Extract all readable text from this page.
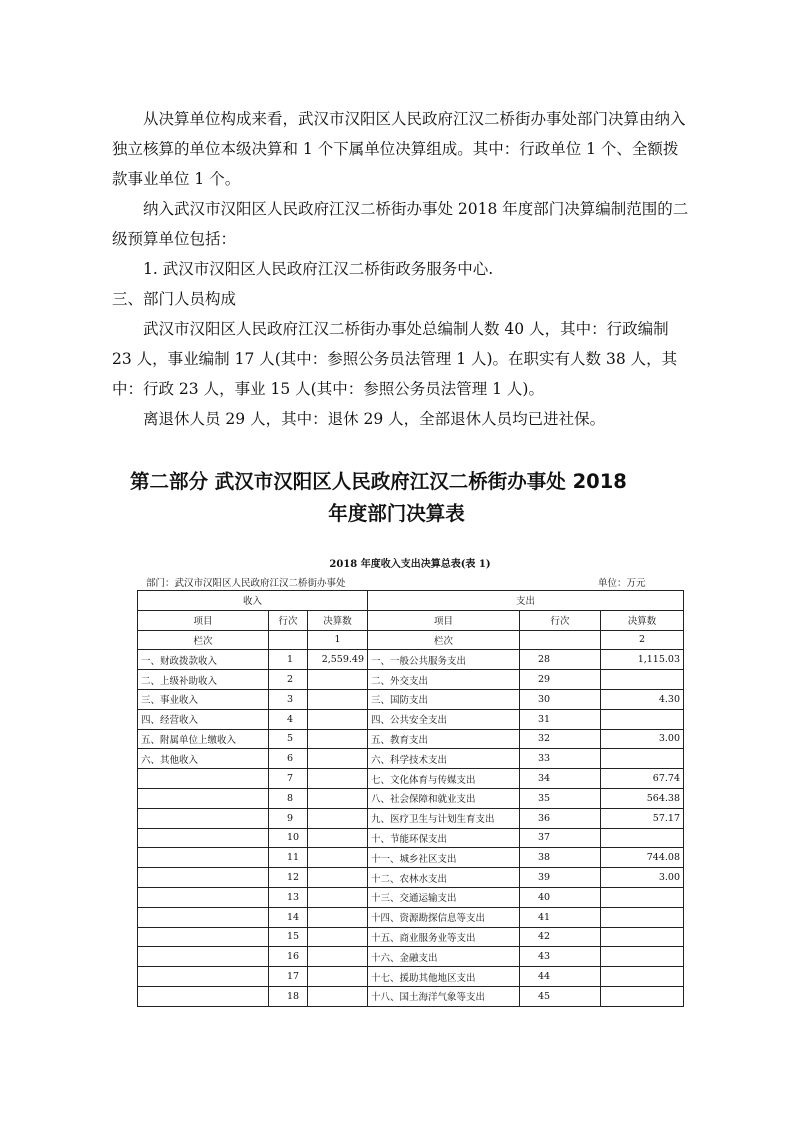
从决算单位构成来看，武汉市汉阳区人民政府江汉二桥街办事处部门决算由纳入独立核算的单位本级决算和 1 个下属单位决算组成。其中：行政单位 1 个、全额拨款事业单位 1 个。

纳入武汉市汉阳区人民政府江汉二桥街办事处 2018 年度部门决算编制范围的二级预算单位包括：

1. 武汉市汉阳区人民政府江汉二桥街政务服务中心.

三、部门人员构成

武汉市汉阳区人民政府江汉二桥街办事处总编制人数 40 人，其中：行政编制 23 人，事业编制 17 人(其中：参照公务员法管理 1 人)。在职实有人数 38 人，其中：行政 23 人，事业 15 人(其中：参照公务员法管理 1 人)。

离退休人员 29 人，其中：退休 29 人，全部退休人员均已进社保。

第二部分 武汉市汉阳区人民政府江汉二桥街办事处 2018
年度部门决算表
2018 年度收入支出决算总表(表 1)
部门：武汉市汉阳区人民政府江汉二桥街办事处	单位：万元
收入			支出		
项目	行次	决算数	项目	行次	决算数
栏次		1	栏次		2
一、财政拨款收入	1	2,559.49	一、一般公共服务支出	28	1,115.03
二、上级补助收入	2		二、外交支出	29	
三、事业收入	3		三、国防支出	30	4.30
四、经营收入	4		四、公共安全支出	31	
五、附属单位上缴收入	5		五、教育支出	32	3.00
六、其他收入	6		六、科学技术支出	33	
	7		七、文化体育与传媒支出	34	67.74
	8		八、社会保障和就业支出	35	564.38
	9		九、医疗卫生与计划生育支出	36	57.17
	10		十、节能环保支出	37	
	11		十一、城乡社区支出	38	744.08
	12		十二、农林水支出	39	3.00
	13		十三、交通运输支出	40	
	14		十四、资源勘探信息等支出	41	
	15		十五、商业服务业等支出	42	
	16		十六、金融支出	43	
	17		十七、援助其他地区支出	44	
	18		十八、国土海洋气象等支出	45	
